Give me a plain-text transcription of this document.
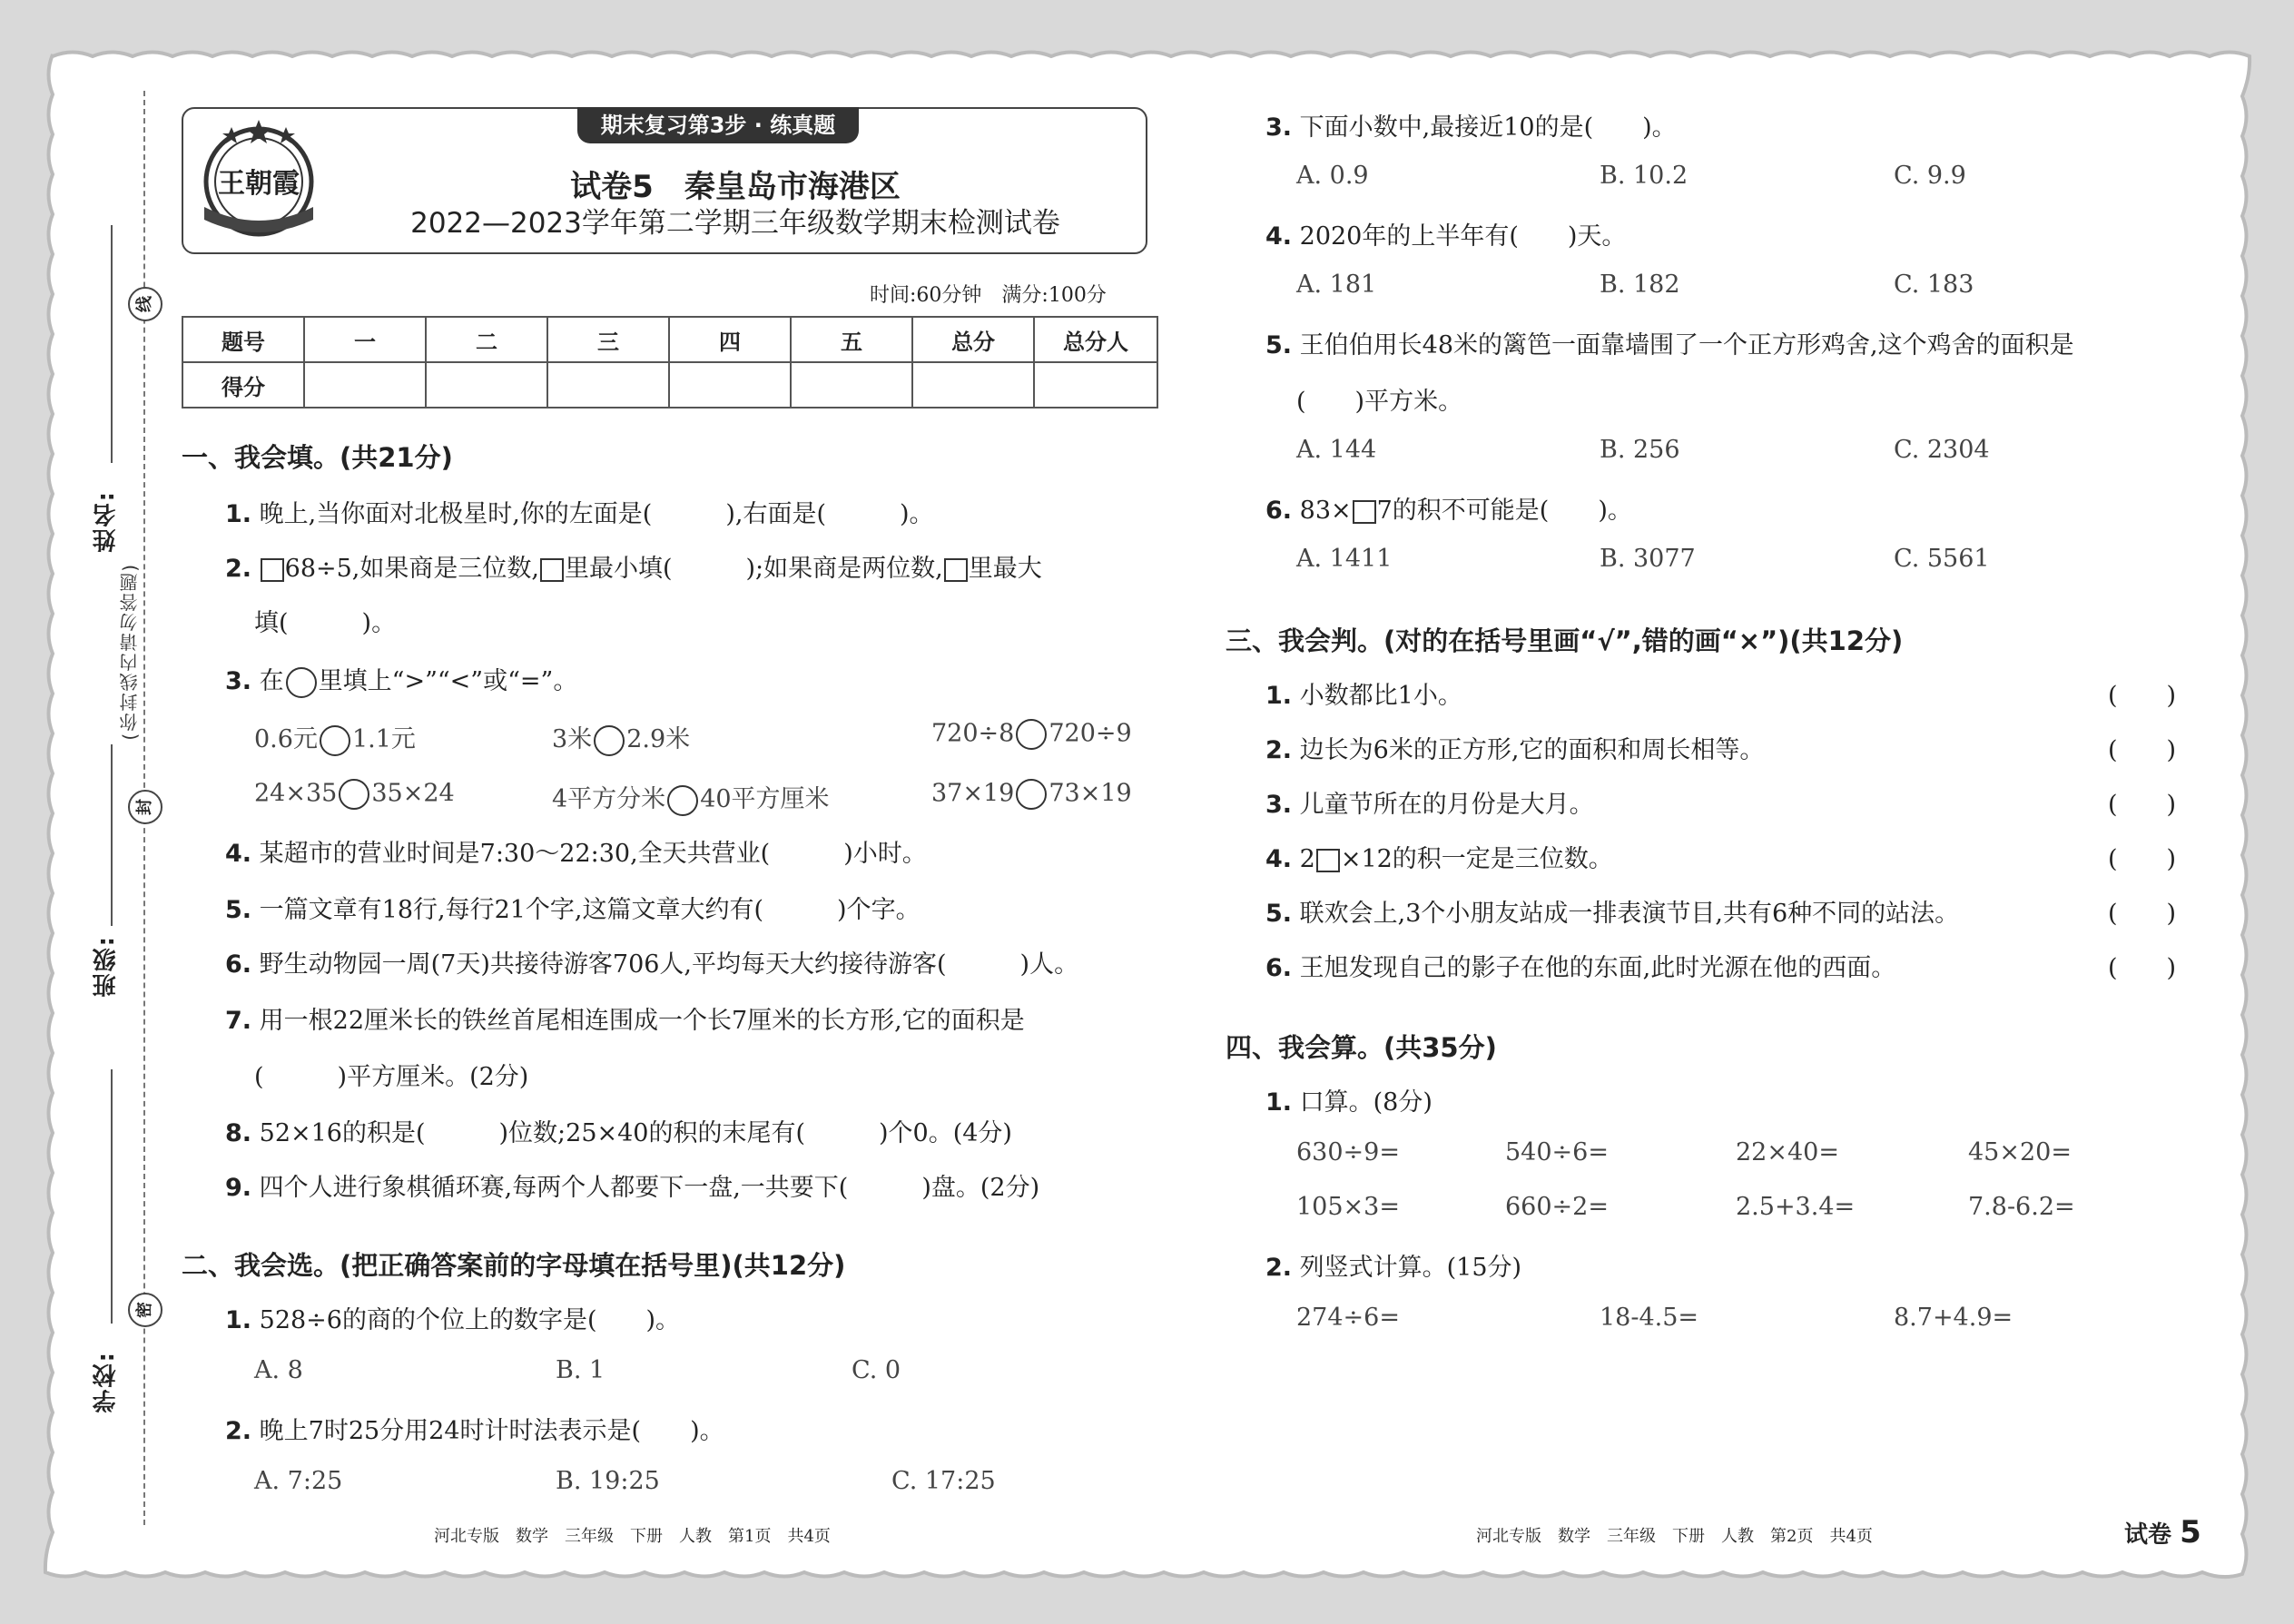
线
封
密
(你封线内请勿答题)
姓名:
班级:
学校:
期末复习第3步 · 练真题
王朝霞	试卷5　秦皇岛市海港区
2022—2023学年第二学期三年级数学期末检测试卷
时间:60分钟　满分:100分
题号	一	二	三	四	五	总分	总分人
得分							
一、我会填。(共21分)
1. 晚上,当你面对北极星时,你的左面是(　　　),右面是(　　　)。
2. 68÷5,如果商是三位数, 里最小填(　　　);如果商是两位数, 里最大
填(　　　)。
3. 在 里填上“>”“<”或“=”。
0.6元 1.1元	3米 2.9米	720÷8 720÷9
24×35 35×24	4平方分米 40平方厘米	37×19 73×19
4. 某超市的营业时间是7:30～22:30,全天共营业(　　　)小时。
5. 一篇文章有18行,每行21个字,这篇文章大约有(　　　)个字。
6. 野生动物园一周(7天)共接待游客706人,平均每天大约接待游客(　　　)人。
7. 用一根22厘米长的铁丝首尾相连围成一个长7厘米的长方形,它的面积是
(　　　)平方厘米。(2分)
8. 52×16的积是(　　　)位数;25×40的积的末尾有(　　　)个0。(4分)
9. 四个人进行象棋循环赛,每两个人都要下一盘,一共要下(　　　)盘。(2分)
二、我会选。(把正确答案前的字母填在括号里)(共12分)
1. 528÷6的商的个位上的数字是(　　)。
A. 8	B. 1	C. 0
2. 晚上7时25分用24时计时法表示是(　　)。
A. 7:25	B. 19:25	C. 17:25
河北专版　数学　三年级　下册　人教　第1页　共4页
3. 下面小数中,最接近10的是(　　)。
A. 0.9	B. 10.2	C. 9.9
4. 2020年的上半年有(　　)天。
A. 181	B. 182	C. 183
5. 王伯伯用长48米的篱笆一面靠墙围了一个正方形鸡舍,这个鸡舍的面积是
(　　)平方米。
A. 144	B. 256	C. 2304
6. 83× 7的积不可能是(　　)。
A. 1411	B. 3077	C. 5561
三、我会判。(对的在括号里画“√”,错的画“×”)(共12分)
1. 小数都比1小。	(　　)
2. 边长为6米的正方形,它的面积和周长相等。	(　　)
3. 儿童节所在的月份是大月。	(　　)
4. 2 ×12的积一定是三位数。	(　　)
5. 联欢会上,3个小朋友站成一排表演节目,共有6种不同的站法。	(　　)
6. 王旭发现自己的影子在他的东面,此时光源在他的西面。	(　　)
四、我会算。(共35分)
1. 口算。(8分)
630÷9=	540÷6=	22×40=	45×20=
105×3=	660÷2=	2.5+3.4=	7.8-6.2=
2. 列竖式计算。(15分)
274÷6=	18-4.5=	8.7+4.9=
河北专版　数学　三年级　下册　人教　第2页　共4页	试卷 5
